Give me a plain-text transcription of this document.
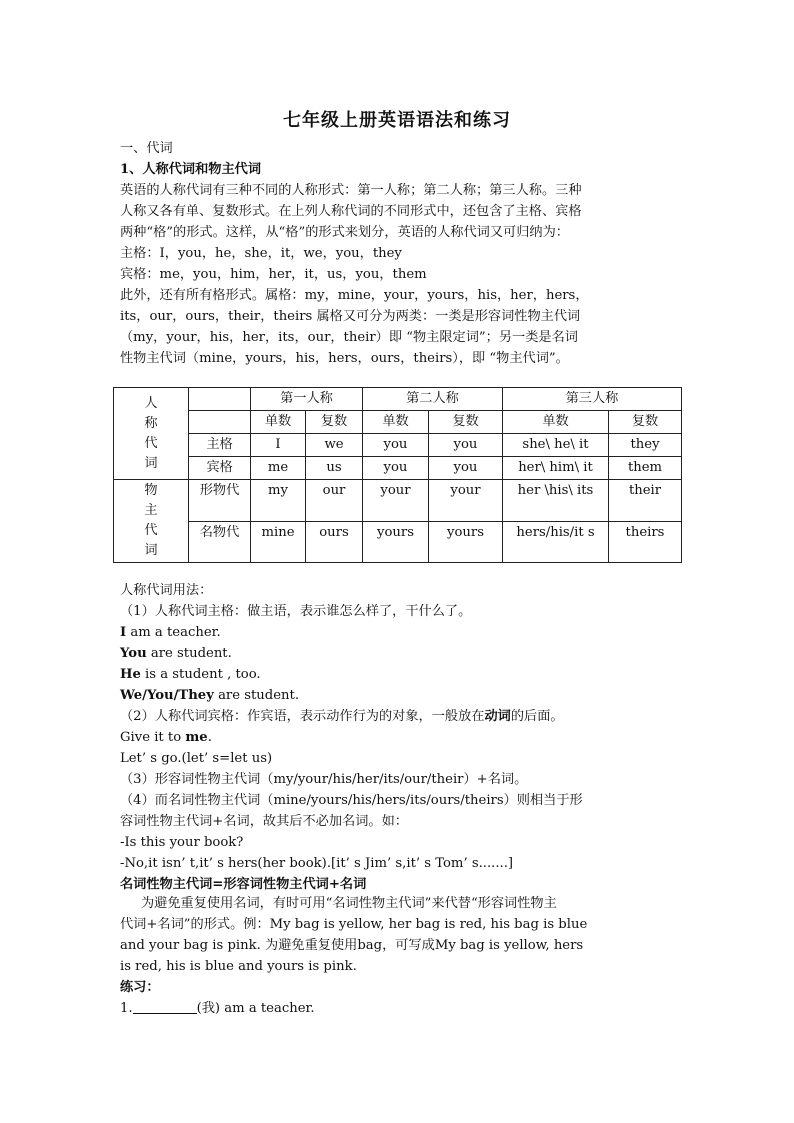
七年级上册英语语法和练习
一、代词
1、人称代词和物主代词
英语的人称代词有三种不同的人称形式：第一人称；第二人称；第三人称。三种
人称又各有单、复数形式。在上列人称代词的不同形式中，还包含了主格、宾格
两种“格”的形式。这样，从“格”的形式来划分，英语的人称代词又可归纳为：
主格：I，you，he，she，it，we，you，they
宾格：me，you，him，her，it，us，you，them
此外，还有所有格形式。属格：my，mine，your，yours，his，her，hers，
its，our，ours，their，theirs 属格又可分为两类：一类是形容词性物主代词
（my，your，his，her，its，our，their）即 “物主限定词”；另一类是名词
性物主代词（mine，yours，his，hers，ours，theirs），即 “物主代词”。
人
称
代
词		第一人称		第二人称		第三人称	
		单数	复数	单数	复数	单数	复数
	主格	I	we	you	you	she\ he\ it	they
	宾格	me	us	you	you	her\ him\ it	them

物
主
代
词	形物代	my	our	your	your	her \his\ its	their
	名物代	mine	ours	yours	yours	hers/his/it s	theirs
人称代词用法：
（1）人称代词主格：做主语，表示谁怎么样了，干什么了。
I am a teacher.
You are student.
He is a student , too.
We/You/They are student.
（2）人称代词宾格：作宾语，表示动作行为的对象，一般放在动词的后面。
Give it to me.
Let’ s go.(let’ s=let us)
（3）形容词性物主代词（my/your/his/her/its/our/their）+名词。
（4）而名词性物主代词（mine/yours/his/hers/its/ours/theirs）则相当于形
容词性物主代词+名词，故其后不必加名词。如：
-Is this your book?
-No,it isn’ t,it’ s hers(her book).[it’ s Jim’ s,it’ s Tom’ s.......]
名词性物主代词=形容词性物主代词+名词
为避免重复使用名词，有时可用“名词性物主代词”来代替“形容词性物主
代词+名词”的形式。例：My bag is yellow, her bag is red, his bag is blue
and your bag is pink. 为避免重复使用bag，可写成My bag is yellow, hers
is red, his is blue and yours is pink.
练习：
1.	(我) am a teacher.
